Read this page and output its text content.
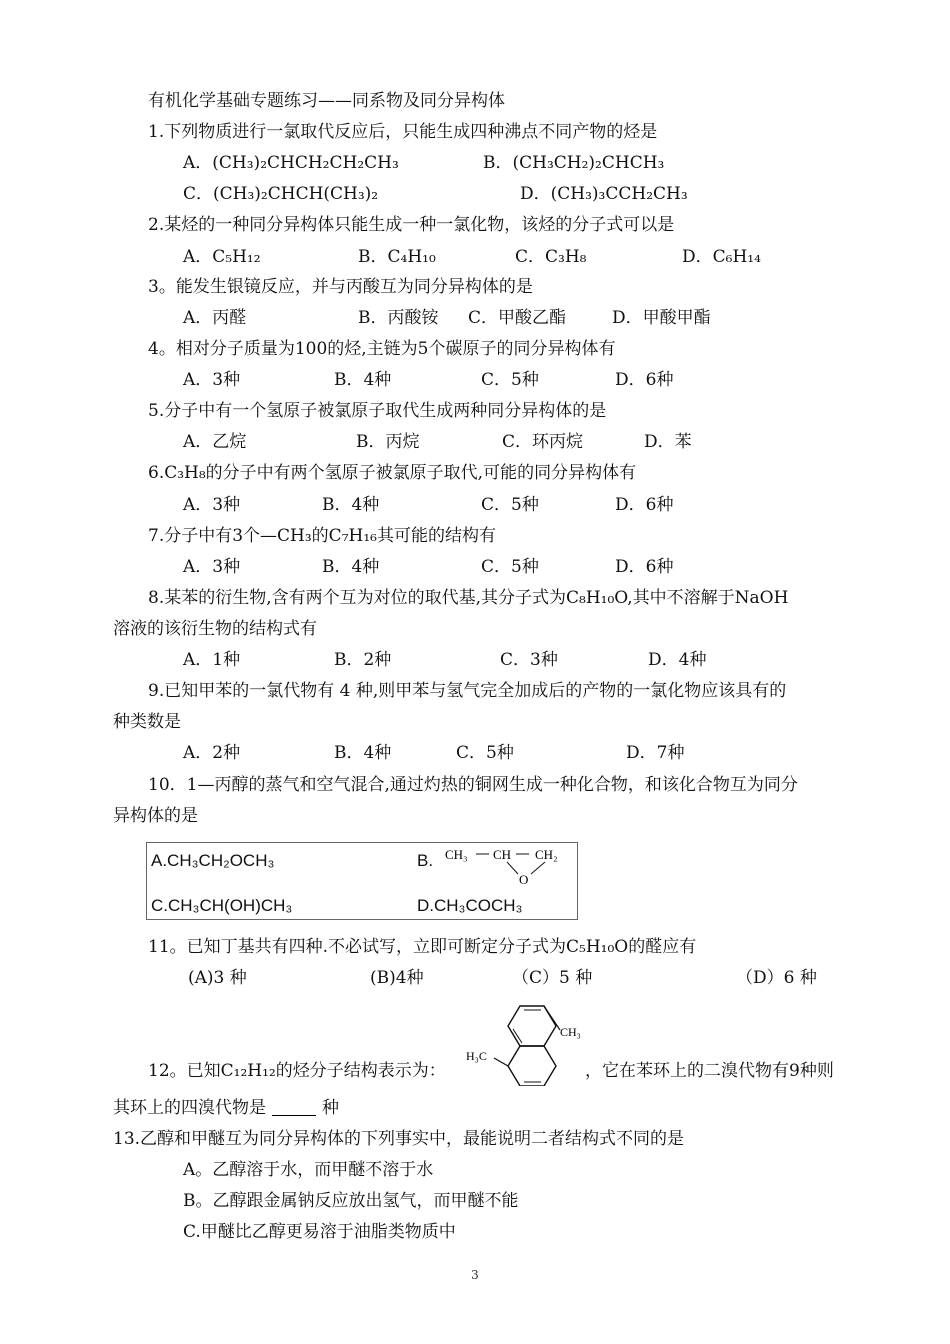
有机化学基础专题练习——同系物及同分异构体
1.下列物质进行一氯取代反应后，只能生成四种沸点不同产物的烃是
A．(CH₃)₂CHCH₂CH₂CH₃	B．(CH₃CH₂)₂CHCH₃
C．(CH₃)₂CHCH(CH₃)₂	D．(CH₃)₃CCH₂CH₃
2.某烃的一种同分异构体只能生成一种一氯化物，该烃的分子式可以是
A．C₅H₁₂	B．C₄H₁₀	C．C₃H₈	D．C₆H₁₄
3。能发生银镜反应，并与丙酸互为同分异构体的是
A．丙醛	B．丙酸铵 C．甲酸乙酯	D．甲酸甲酯
4。相对分子质量为100的烃,主链为5个碳原子的同分异构体有
A．3种	B．4种	C．5种	D．6种
5.分子中有一个氢原子被氯原子取代生成两种同分异构体的是
A．乙烷	B．丙烷	C．环丙烷	D．苯
6.C₃H₈的分子中有两个氢原子被氯原子取代,可能的同分异构体有
A．3种	B．4种	C．5种	D．6种
7.分子中有3个—CH₃的C₇H₁₆其可能的结构有
A．3种	B．4种	C．5种	D．6种
8.某苯的衍生物,含有两个互为对位的取代基,其分子式为C₈H₁₀O,其中不溶解于NaOH
溶液的该衍生物的结构式有
A．1种	B．2种	C．3种	D．4种
9.已知甲苯的一氯代物有 4 种,则甲苯与氢气完全加成后的产物的一氯化物应该具有的
种类数是
A．2种	B．4种	C．5种	D．7种
10．1—丙醇的蒸气和空气混合,通过灼热的铜网生成一种化合物，和该化合物互为同分
异构体的是
A.CH₃CH₂OCH₃	B. CH₃ CH CH₂
O
C.CH₃CH(OH)CH₃	D.CH₃COCH₃
11。已知丁基共有四种.不必试写，立即可断定分子式为C₅H₁₀O的醛应有
(A)3 种	(B)4种	（C）5 种	（D）6 种
12。已知C₁₂H₁₂的烃分子结构表示为：
CH₃
H₃C
，它在苯环上的二溴代物有9种则
其环上的四溴代物是	种
13.乙醇和甲醚互为同分异构体的下列事实中，最能说明二者结构式不同的是
A。乙醇溶于水，而甲醚不溶于水
B。乙醇跟金属钠反应放出氢气，而甲醚不能
C.甲醚比乙醇更易溶于油脂类物质中
3
